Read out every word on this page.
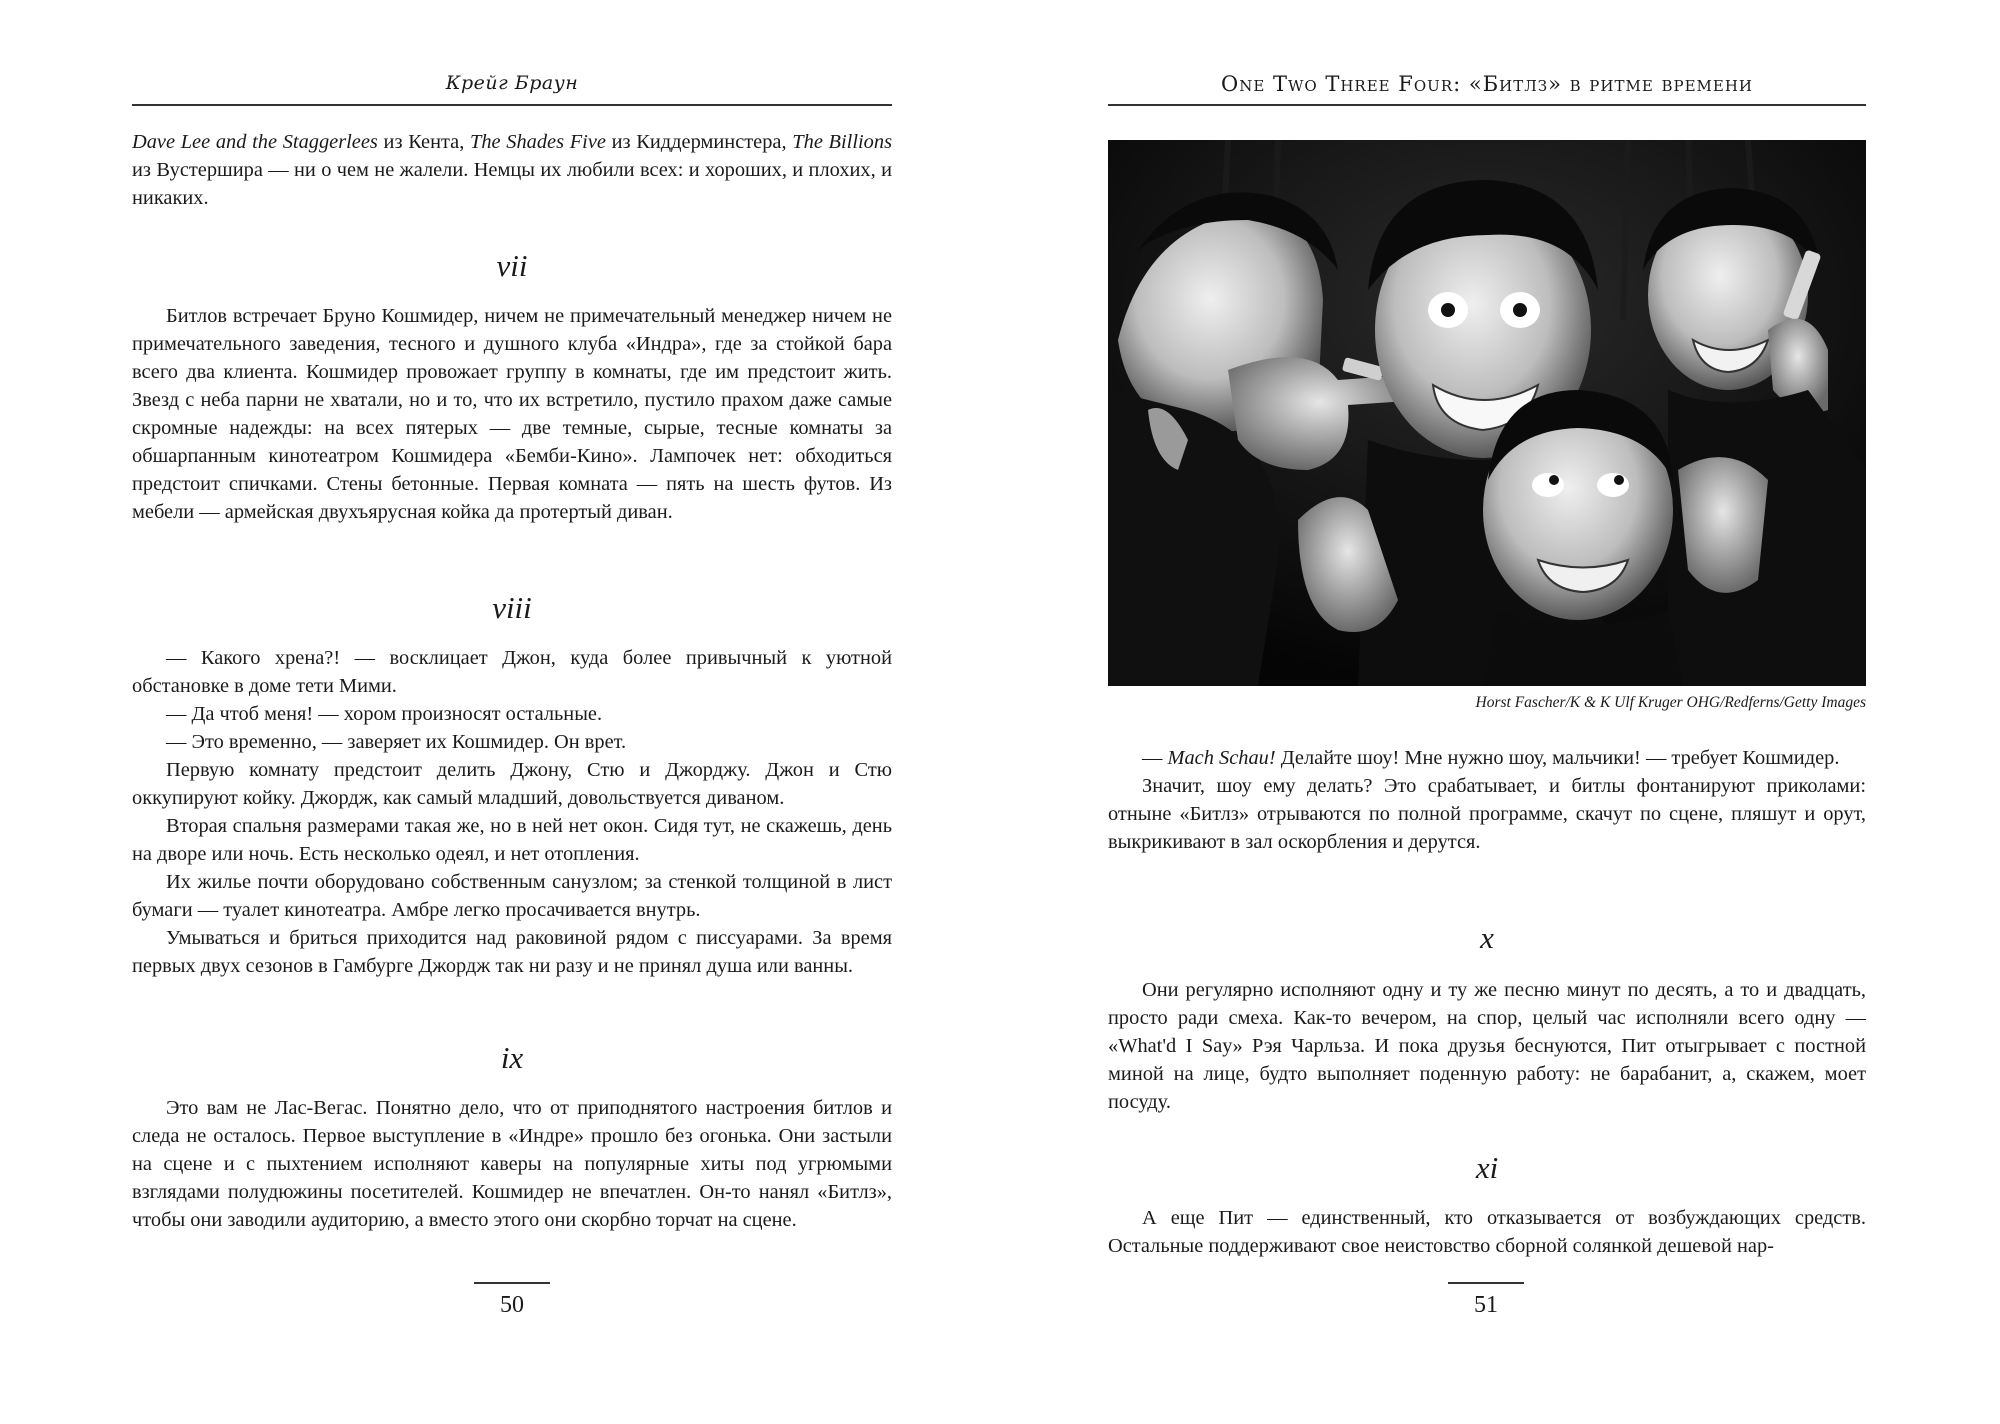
Крейг Браун

Dave Lee and the Staggerlees из Кента, The Shades Five из Киддерминстера, The Billions из Вустершира — ни о чем не жалели. Немцы их любили всех: и хороших, и плохих, и никаких.

vii

Битлов встречает Бруно Кошмидер, ничем не примечательный менеджер ничем не примечательного заведения, тесного и душного клуба «Индра», где за стойкой бара всего два клиента. Кошмидер провожает группу в комнаты, где им предстоит жить. Звезд с неба парни не хватали, но и то, что их встретило, пустило прахом даже самые скромные надежды: на всех пятерых — две темные, сырые, тесные комнаты за обшарпанным кинотеатром Кошмидера «Бемби-Кино». Лампочек нет: обходиться предстоит спичками. Стены бетонные. Первая комната — пять на шесть футов. Из мебели — армейская двухъярусная койка да протертый диван.

viii

— Какого хрена?! — восклицает Джон, куда более привычный к уютной обстановке в доме тети Мими.

— Да чтоб меня! — хором произносят остальные.

— Это временно, — заверяет их Кошмидер. Он врет.

Первую комнату предстоит делить Джону, Стю и Джорджу. Джон и Стю оккупируют койку. Джордж, как самый младший, довольствуется диваном.

Вторая спальня размерами такая же, но в ней нет окон. Сидя тут, не скажешь, день на дворе или ночь. Есть несколько одеял, и нет отопления.

Их жилье почти оборудовано собственным санузлом; за стенкой толщиной в лист бумаги — туалет кинотеатра. Амбре легко просачивается внутрь.

Умываться и бриться приходится над раковиной рядом с писсуарами. За время первых двух сезонов в Гамбурге Джордж так ни разу и не принял душа или ванны.

ix

Это вам не Лас-Вегас. Понятно дело, что от приподнятого настроения битлов и следа не осталось. Первое выступление в «Индре» прошло без огонька. Они застыли на сцене и с пыхтением исполняют каверы на популярные хиты под угрюмыми взглядами полудюжины посетителей. Кошмидер не впечатлен. Он-то нанял «Битлз», чтобы они заводили аудиторию, а вместо этого они скорбно торчат на сцене.

50
One Two Three Four: «Битлз» в ритме времени
Horst Fascher/K & K Ulf Kruger OHG/Redferns/Getty Images

— Mach Schau! Делайте шоу! Мне нужно шоу, мальчики! — требует Кошмидер.

Значит, шоу ему делать? Это срабатывает, и битлы фонтанируют приколами: отныне «Битлз» отрываются по полной программе, скачут по сцене, пляшут и орут, выкрикивают в зал оскорбления и дерутся.

x

Они регулярно исполняют одну и ту же песню минут по десять, а то и двадцать, просто ради смеха. Как-то вечером, на спор, целый час исполняли всего одну — «What'd I Say» Рэя Чарльза. И пока друзья беснуются, Пит отыгрывает с постной миной на лице, будто выполняет поденную работу: не барабанит, а, скажем, моет посуду.

xi

А еще Пит — единственный, кто отказывается от возбуждающих средств. Остальные поддерживают свое неистовство сборной солянкой дешевой нар-

51
